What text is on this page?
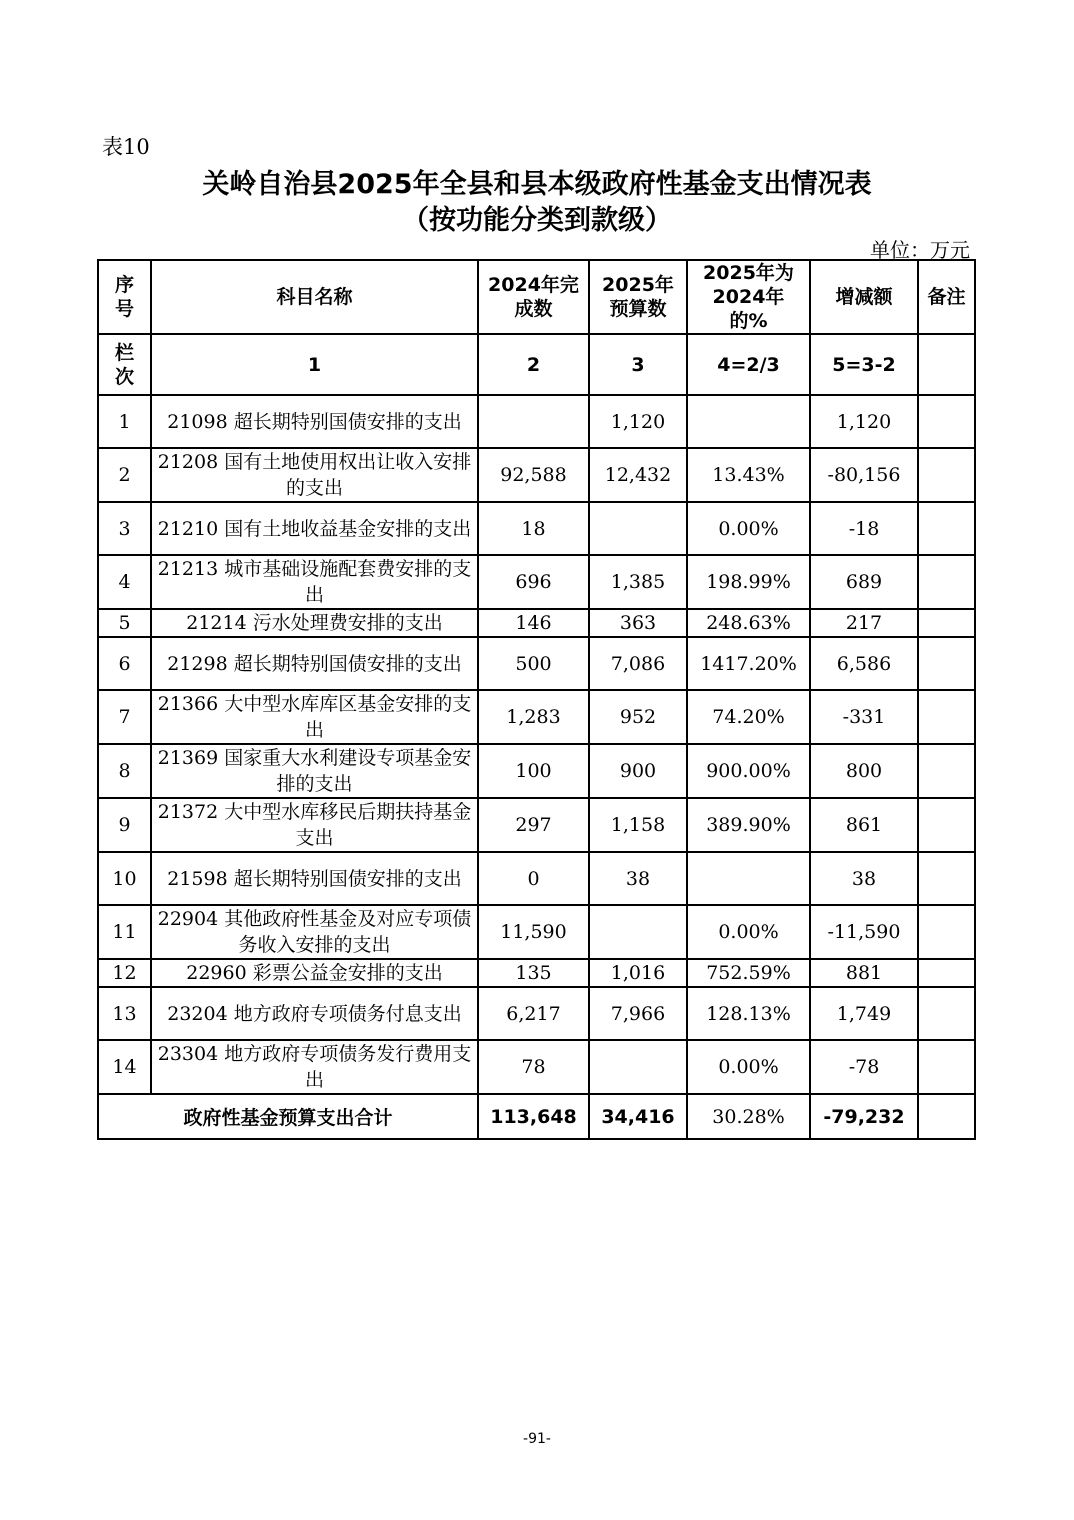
表10
关岭自治县2025年全县和县本级政府性基金支出情况表
（按功能分类到款级）
单位：万元
序号	科目名称	2024年完成数	2025年预算数	2025年为2024年的%	增减额	备注
栏次	1	2	3	4=2/3	5=3-2	
1	21098 超长期特别国债安排的支出		1,120		1,120	
2	21208 国有土地使用权出让收入安排的支出	92,588	12,432	13.43%	-80,156	
3	21210 国有土地收益基金安排的支出	18		0.00%	-18	
4	21213 城市基础设施配套费安排的支出	696	1,385	198.99%	689	
5	21214 污水处理费安排的支出	146	363	248.63%	217	
6	21298 超长期特别国债安排的支出	500	7,086	1417.20%	6,586	
7	21366 大中型水库库区基金安排的支出	1,283	952	74.20%	-331	
8	21369 国家重大水利建设专项基金安排的支出	100	900	900.00%	800	
9	21372 大中型水库移民后期扶持基金支出	297	1,158	389.90%	861	
10	21598 超长期特别国债安排的支出	0	38		38	
11	22904 其他政府性基金及对应专项债务收入安排的支出	11,590		0.00%	-11,590	
12	22960 彩票公益金安排的支出	135	1,016	752.59%	881	
13	23204 地方政府专项债务付息支出	6,217	7,966	128.13%	1,749	
14	23304 地方政府专项债务发行费用支出	78		0.00%	-78	
政府性基金预算支出合计		113,648	34,416	30.28%	-79,232	
-91-
